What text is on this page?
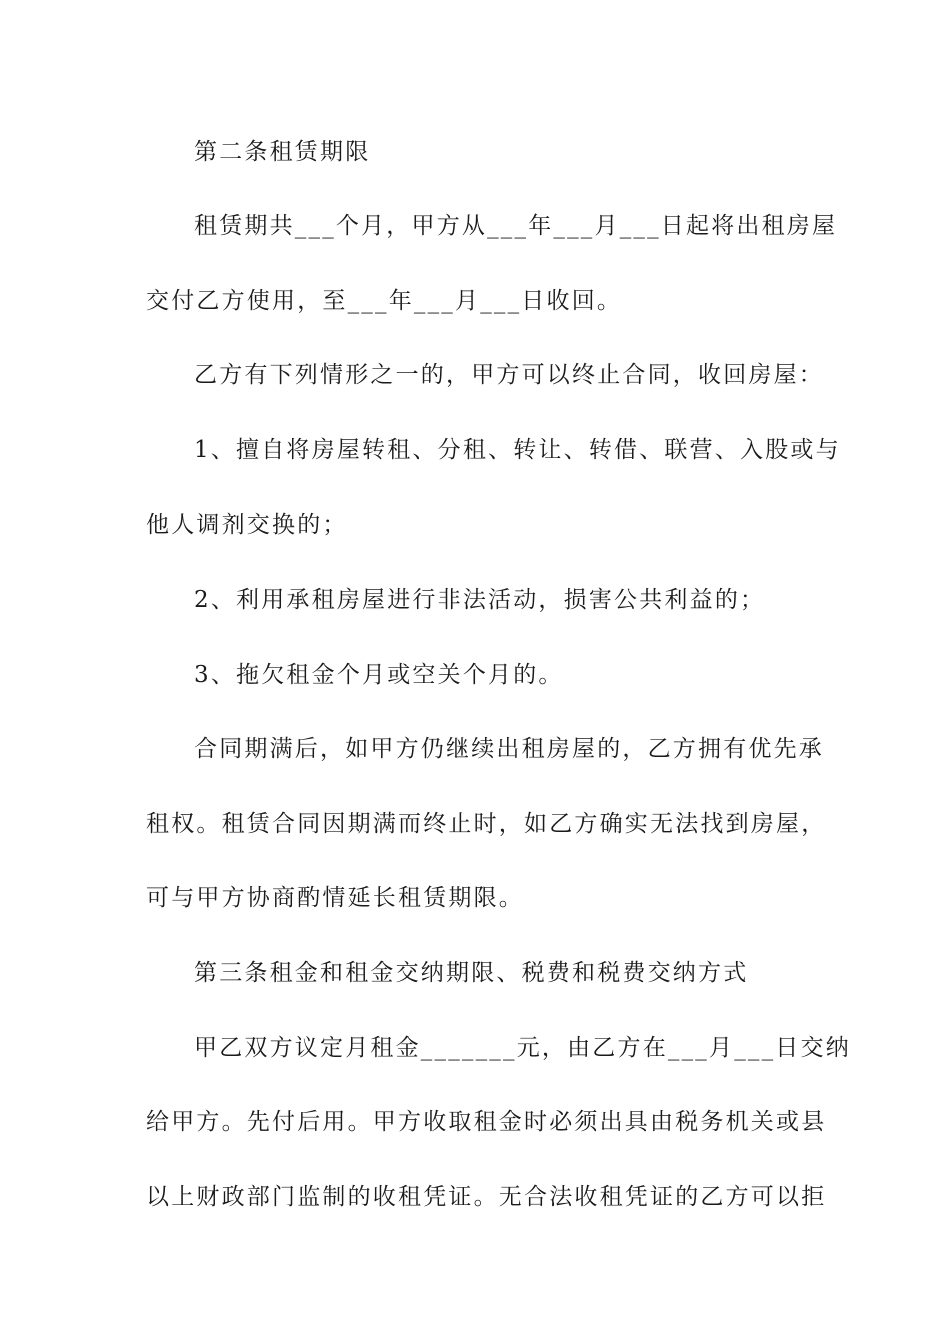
第二条租赁期限
租赁期共___个月，甲方从___年___月___日起将出租房屋
交付乙方使用，至___年___月___日收回。
乙方有下列情形之一的，甲方可以终止合同，收回房屋：
1、擅自将房屋转租、分租、转让、转借、联营、入股或与
他人调剂交换的；
2、利用承租房屋进行非法活动，损害公共利益的；
3、拖欠租金个月或空关个月的。
合同期满后，如甲方仍继续出租房屋的，乙方拥有优先承
租权。租赁合同因期满而终止时，如乙方确实无法找到房屋，
可与甲方协商酌情延长租赁期限。
第三条租金和租金交纳期限、税费和税费交纳方式
甲乙双方议定月租金_______元，由乙方在___月___日交纳
给甲方。先付后用。甲方收取租金时必须出具由税务机关或县
以上财政部门监制的收租凭证。无合法收租凭证的乙方可以拒
